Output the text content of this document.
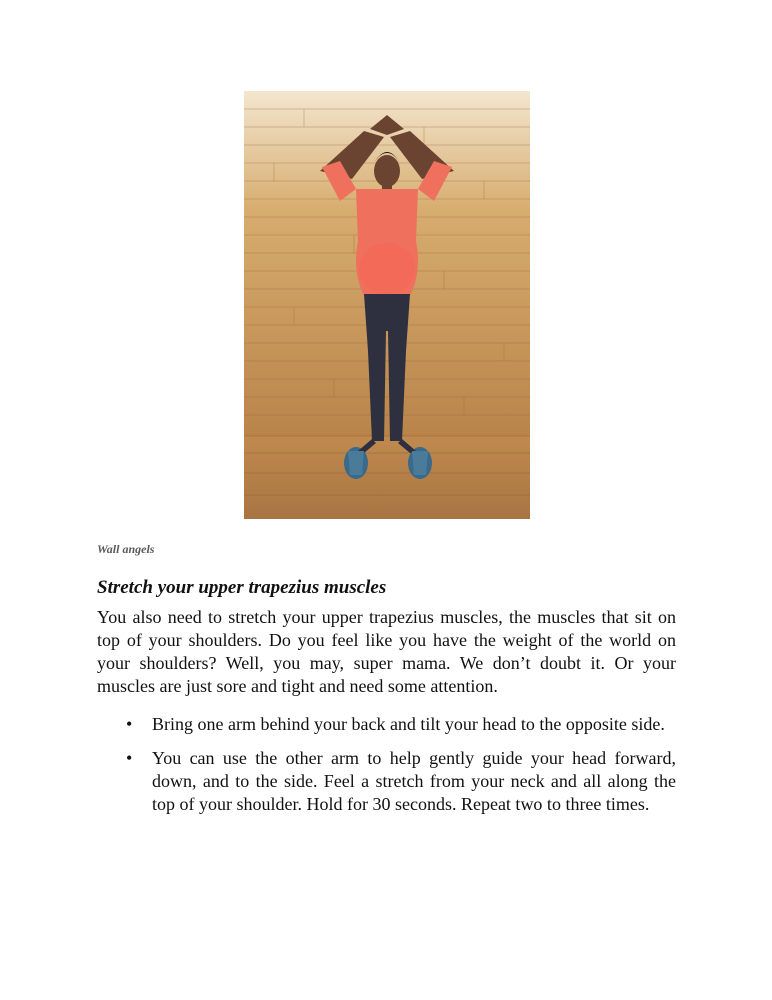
Wall angels

Stretch your upper trapezius muscles

You also need to stretch your upper trapezius muscles, the muscles that sit on top of your shoulders. Do you feel like you have the weight of the world on your shoulders? Well, you may, super mama. We don’t doubt it. Or your muscles are just sore and tight and need some attention.

• Bring one arm behind your back and tilt your head to the opposite side.
• You can use the other arm to help gently guide your head forward, down, and to the side. Feel a stretch from your neck and all along the top of your shoulder. Hold for 30 seconds. Repeat two to three times.
